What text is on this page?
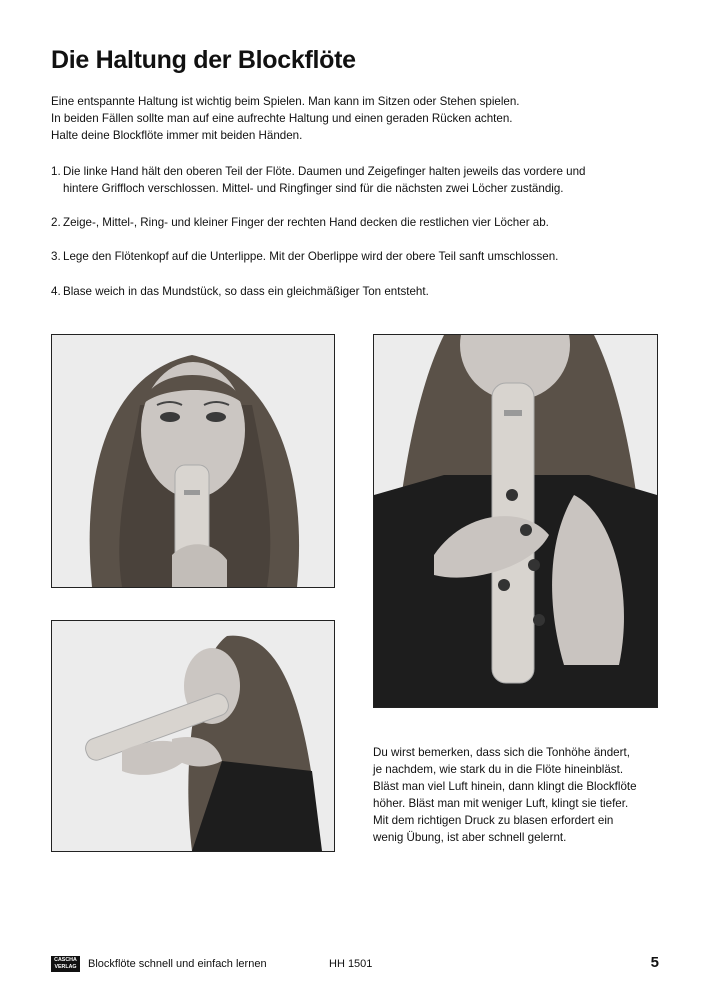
Die Haltung der Blockflöte
Eine entspannte Haltung ist wichtig beim Spielen. Man kann im Sitzen oder Stehen spielen.
In beiden Fällen sollte man auf eine aufrechte Haltung und einen geraden Rücken achten.
Halte deine Blockflöte immer mit beiden Händen.
1. Die linke Hand hält den oberen Teil der Flöte. Daumen und Zeigefinger halten jeweils das vordere und
hintere Griffloch verschlossen. Mittel- und Ringfinger sind für die nächsten zwei Löcher zuständig.
2. Zeige-, Mittel-, Ring- und kleiner Finger der rechten Hand decken die restlichen vier Löcher ab.
3. Lege den Flötenkopf auf die Unterlippe. Mit der Oberlippe wird der obere Teil sanft umschlossen.
4. Blase weich in das Mundstück, so dass ein gleichmäßiger Ton entsteht.
Du wirst bemerken, dass sich die Tonhöhe ändert,
je nachdem, wie stark du in die Flöte hineinbläst.
Bläst man viel Luft hinein, dann klingt die Blockflöte
höher. Bläst man mit weniger Luft, klingt sie tiefer.
Mit dem richtigen Druck zu blasen erfordert ein
wenig Übung, ist aber schnell gelernt.
CASCHA
VERLAG	Blockflöte schnell und einfach lernen	HH 1501	5
